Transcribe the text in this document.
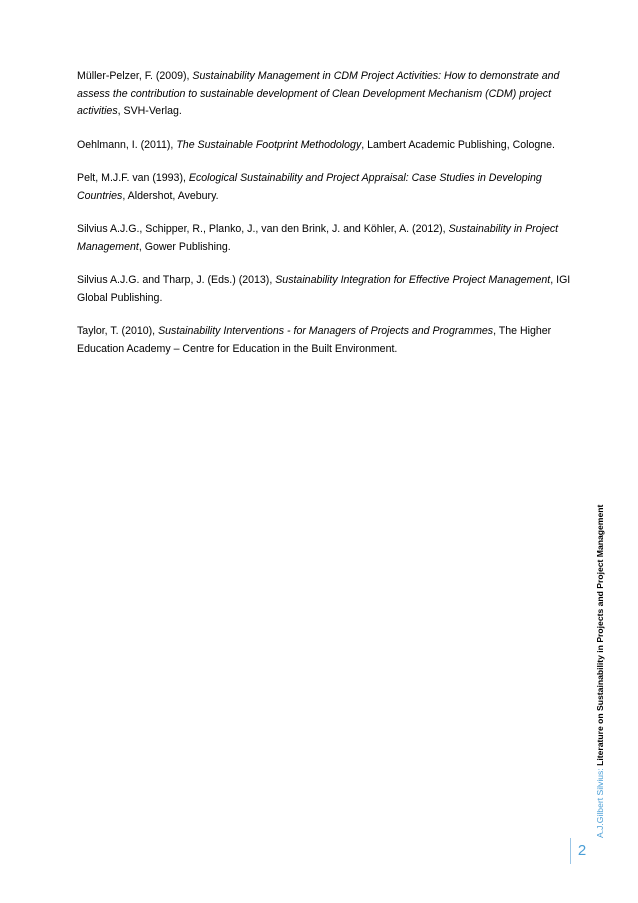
Müller-Pelzer, F. (2009), Sustainability Management in CDM Project Activities: How to demonstrate and assess the contribution to sustainable development of Clean Development Mechanism (CDM) project activities, SVH-Verlag.

Oehlmann, I. (2011), The Sustainable Footprint Methodology, Lambert Academic Publishing, Cologne.

Pelt, M.J.F. van (1993), Ecological Sustainability and Project Appraisal: Case Studies in Developing Countries, Aldershot, Avebury.

Silvius A.J.G., Schipper, R., Planko, J., van den Brink, J. and Köhler, A. (2012), Sustainability in Project Management, Gower Publishing.

Silvius A.J.G. and Tharp, J. (Eds.) (2013), Sustainability Integration for Effective Project Management, IGI Global Publishing.

Taylor, T. (2010), Sustainability Interventions - for Managers of Projects and Programmes, The Higher Education Academy – Centre for Education in the Built Environment.

A.J.Gilbert Silvius: Literature on Sustainability in Projects and Project Management
2
